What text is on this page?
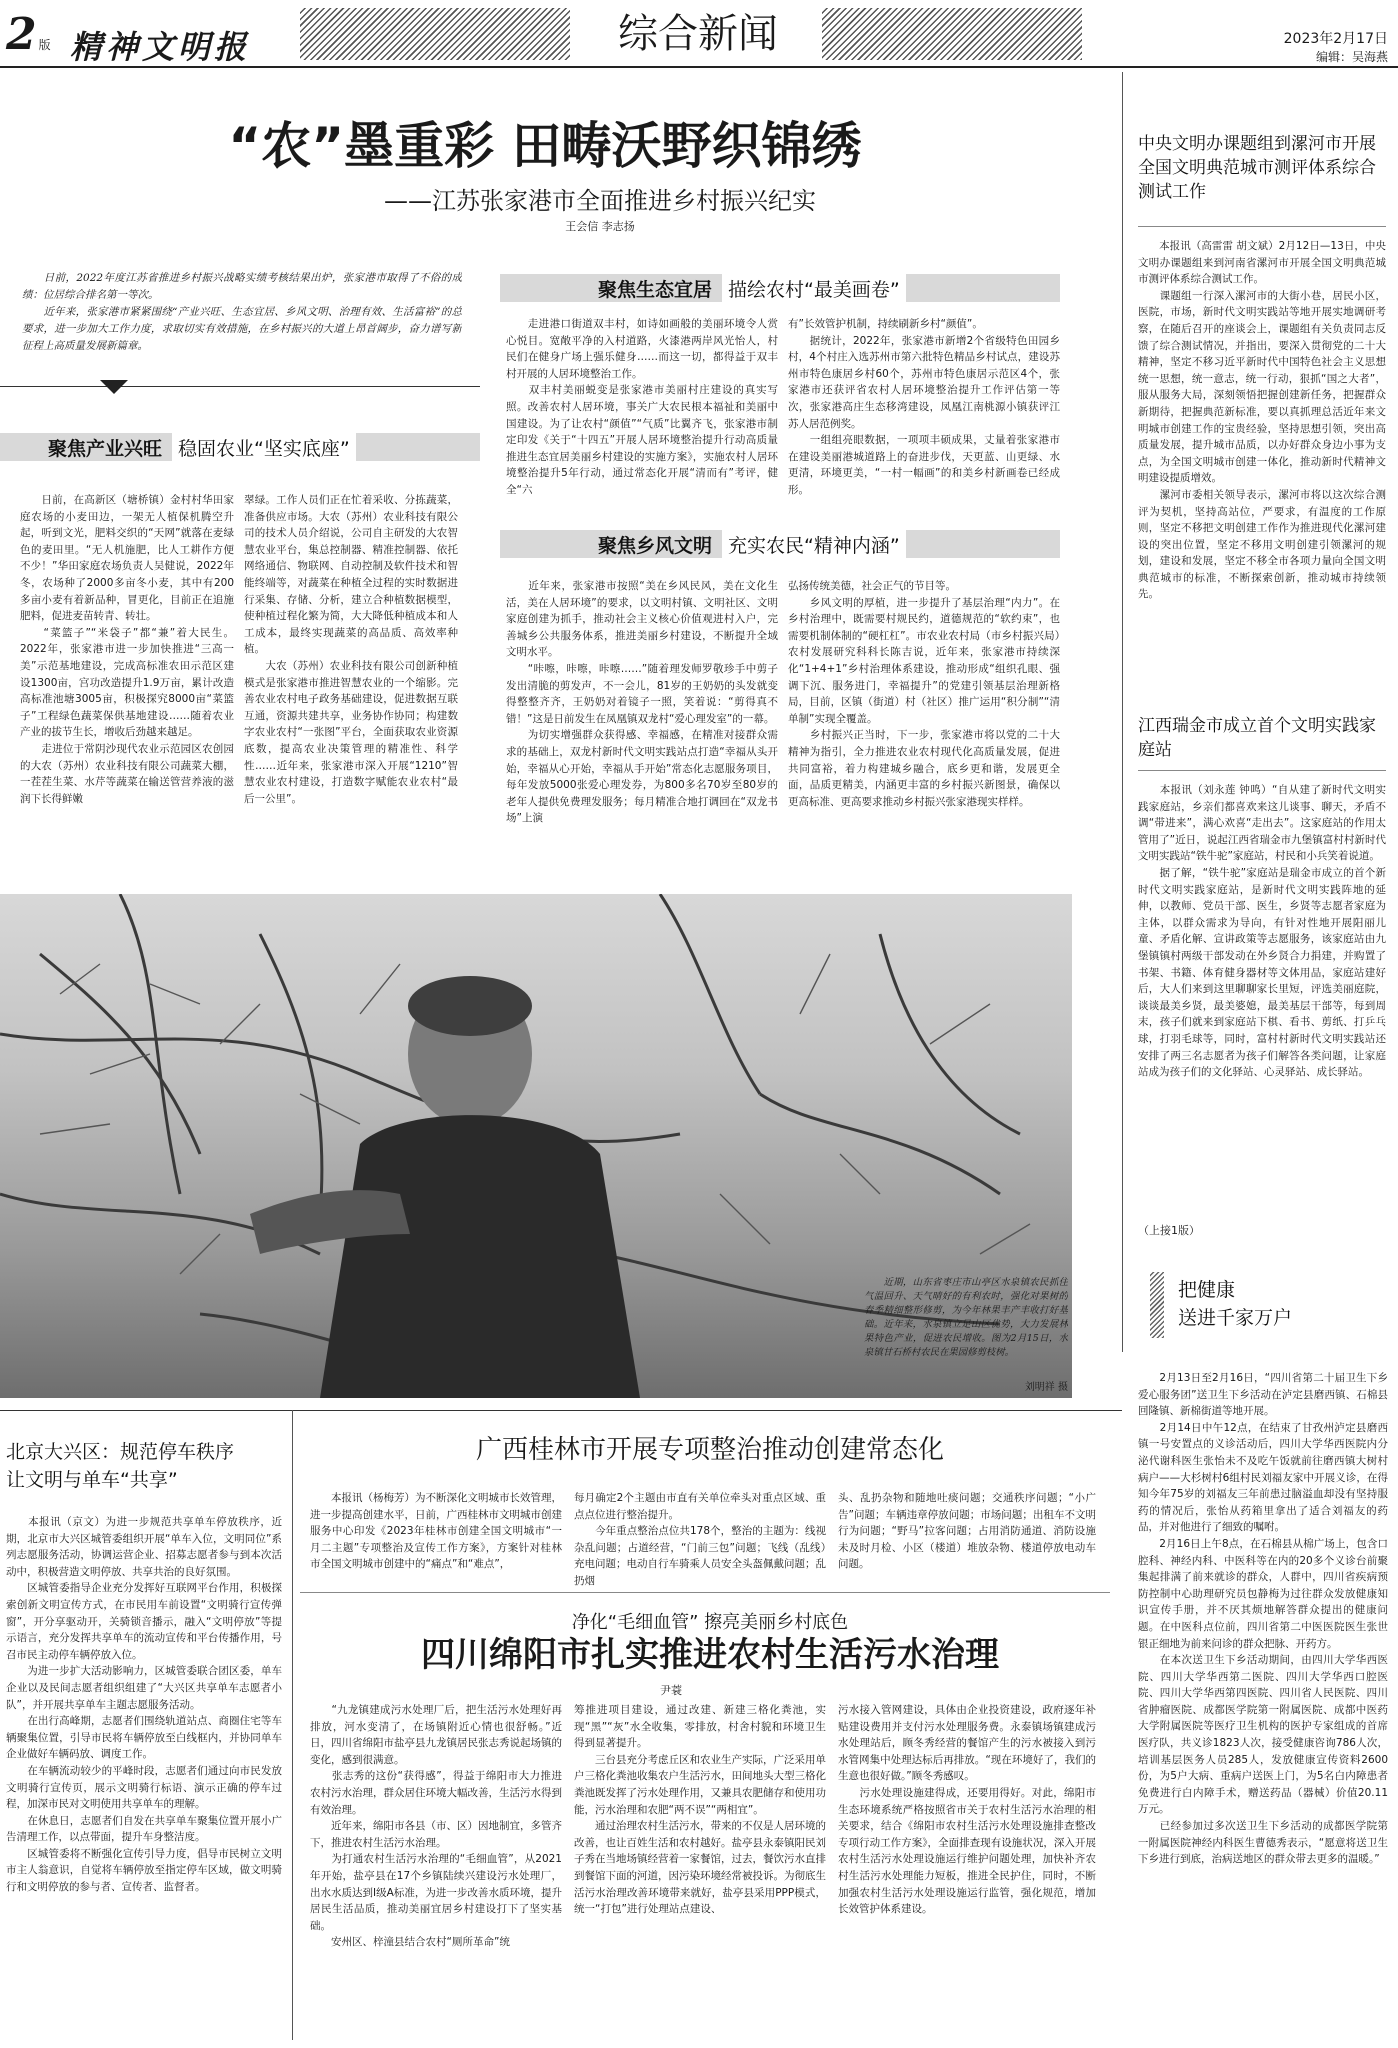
2 版 精神文明报	综合新闻	2023年2月17日
编辑：吴海燕
“农”墨重彩 田畴沃野织锦绣
——江苏张家港市全面推进乡村振兴纪实
王会信 李志扬
　　日前，2022年度江苏省推进乡村振兴战略实绩考核结果出炉，张家港市取得了不俗的成绩：位居综合排名第一等次。
　　近年来，张家港市紧紧围绕“产业兴旺、生态宜居、乡风文明、治理有效、生活富裕”的总要求，进一步加大工作力度，求取切实有效措施，在乡村振兴的大道上昂首阔步，奋力谱写新征程上高质量发展新篇章。
聚焦产业兴旺 稳固农业“坚实底座”
　　日前，在高新区（塘桥镇）金村村华田家庭农场的小麦田边，一架无人植保机腾空升起，听到文光，肥料交织的“天网”就落在麦绿色的麦田里。“无人机施肥，比人工耕作方便不少！”华田家庭农场负责人吴健说，2022年冬，农场种了2000多亩冬小麦，其中有200多亩小麦有着新品种，冒更化，目前正在追施肥料，促进麦苗转青、转壮。
　　“菜篮子”“米袋子”都“兼”着大民生。2022年，张家港市进一步加快推进“三高一美”示范基地建设，完成高标准农田示范区建设1300亩，宫功改造提升1.9万亩，累计改造高标准池塘3005亩，积极探究8000亩“菜篮子”工程绿色蔬菜保供基地建设……随着农业产业的拔节生长，增收后劲越来越足。
　　走进位于常阴沙现代农业示范园区农创园的大农（苏州）农业科技有限公司蔬菜大棚，一茬茬生菜、水芹等蔬菜在输送管营养液的滋润下长得鲜嫩
翠绿。工作人员们正在忙着采收、分拣蔬菜，准备供应市场。大农（苏州）农业科技有限公司的技术人员介绍说，公司自主研发的大农智慧农业平台，集总控制器、精准控制器、依托网络通信、物联网、自动控制及软件技术和智能终端等，对蔬菜在种植全过程的实时数据进行采集、存储、分析，建立合种植数据模型，使种植过程化繁为简，大大降低种植成本和人工成本，最终实现蔬菜的高品质、高效率种植。
　　大农（苏州）农业科技有限公司创新种植模式是张家港市推进智慧农业的一个缩影。完善农业农村电子政务基础建设，促进数据互联互通，资源共建共享，业务协作协同；构建数字农业农村“一张图”平台，全面获取农业资源底数，提高农业决策管理的精准性、科学性……近年来，张家港市深入开展“1210”智慧农业农村建设，打造数字赋能农业农村“最后一公里”。
聚焦生态宜居 描绘农村“最美画卷”
　　走进港口街道双丰村，如诗如画般的美丽环境令人赏心悦目。宽敞平净的入村道路，火漆港两岸风光怡人，村民们在健身广场上强乐健身……而这一切，都得益于双丰村开展的人居环境整治工作。
　　双丰村美丽蜕变是张家港市美丽村庄建设的真实写照。改善农村人居环境，事关广大农民根本福祉和美丽中国建设。为了让农村“颜值”“气质”比翼齐飞，张家港市制定印发《关于“十四五”开展人居环境整治提升行动高质量推进生态宜居美丽乡村建设的实施方案》，实施农村人居环境整治提升5年行动，通过常态化开展“清而有”考评，健全“六
有”长效管护机制，持续刷新乡村“颜值”。
　　据统计，2022年，张家港市新增2个省级特色田园乡村，4个村庄入选苏州市第六批特色精品乡村试点，建设苏州市特色康居乡村60个，苏州市特色康居示范区4个，张家港市还获评省农村人居环境整治提升工作评估第一等次，张家港高庄生态移湾建设，凤凰江南桃源小镇获评江苏人居范例奖。
　　一组组亮眼数据，一项项丰硕成果，丈量着张家港市在建设美丽港城道路上的奋进步伐，天更蓝、山更绿、水更清，环境更美，“一村一幅画”的和美乡村新画卷已经成形。
聚焦乡风文明 充实农民“精神内涵”
　　近年来，张家港市按照“美在乡风民风，美在文化生活，美在人居环境”的要求，以文明村镇、文明社区、文明家庭创建为抓手，推动社会主义核心价值观进村入户，完善城乡公共服务体系，推进美丽乡村建设，不断提升全域文明水平。
　　“咔嚓，咔嚓，咔嚓……”随着理发师罗敬珍手中剪子发出清脆的剪发声，不一会儿，81岁的王奶奶的头发就变得整整齐齐，王奶奶对着镜子一照，笑着说：“剪得真不错！”这是日前发生在凤凰镇双龙村“爱心理发室”的一幕。
　　为切实增强群众获得感、幸福感，在精准对接群众需求的基础上，双龙村新时代文明实践站点打造“幸福从头开始，幸福从心开始，幸福从手开始”常态化志愿服务项目，每年发放5000张爱心理发券，为800多名70岁至80岁的老年人提供免费理发服务；每月精准合地打调回在“双龙书场”上演
弘扬传统美德，社会正气的节目等。
　　乡风文明的厚植，进一步提升了基层治理“内力”。在乡村治理中，既需要村规民约，道德规范的“软约束”，也需要机制体制的“硬杠杠”。市农业农村局（市乡村振兴局）农村发展研究科科长陈吉说，近年来，张家港市持续深化“1+4+1”乡村治理体系建设，推动形成“组织孔眼、强调下沉、服务进门，幸福提升”的党建引领基层治理新格局，目前，区镇（街道）村（社区）推广运用“积分制”“清单制”实现全覆盖。
　　乡村振兴正当时，下一步，张家港市将以党的二十大精神为指引，全力推进农业农村现代化高质量发展，促进共同富裕，着力构建城乡融合，底乡更和谐，发展更全面，品质更精美，内涵更丰富的乡村振兴新图景，确保以更高标准、更高要求推动乡村振兴张家港现实样样。
　　近期，山东省枣庄市山亭区水泉镇农民抓住气温回升、天气晴好的有利农时，强化对果树的春季精细整形修剪，为今年林果丰产丰收打好基础。近年来，水泉镇立足山区优势，大力发展林果特色产业，促进农民增收。图为2月15日，水泉镇甘石桥村农民在果园修剪枝树。
刘明祥 摄
中央文明办课题组到漯河市开展全国文明典范城市测评体系综合测试工作
　　本报讯（高雷雷 胡文斌）2月12日—13日，中央文明办课题组来到河南省漯河市开展全国文明典范城市测评体系综合测试工作。
　　课题组一行深入漯河市的大街小巷，居民小区，医院，市场，新时代文明实践站等地开展实地调研考察，在随后召开的座谈会上，课题组有关负责同志反馈了综合测试情况，并指出，要深入贯彻党的二十大精神，坚定不移习近平新时代中国特色社会主义思想统一思想，统一意志，统一行动，狠抓“国之大者”，服从服务大局，深刻领悟把握创建新任务，把握群众新期待，把握典范新标准，要以真抓理总活近年来文明城市创建工作的宝贵经验，坚持思想引领，突出高质量发展，提升城市品质，以办好群众身边小事为支点，为全国文明城市创建一体化，推动新时代精神文明建设提质增效。
　　漯河市委相关领导表示，漯河市将以这次综合测评为契机，坚持高站位，严要求，有温度的工作原则，坚定不移把文明创建工作作为推进现代化漯河建设的突出位置，坚定不移用文明创建引领漯河的规划，建设和发展，坚定不移全市各项力量向全国文明典范城市的标准，不断探索创新，推动城市持续领先。
江西瑞金市成立首个文明实践家庭站
　　本报讯（刘永莲 钟鸣）“自从建了新时代文明实践家庭站，乡亲们都喜欢来这儿谈事、聊天，矛盾不调“带进来”，满心欢喜“走出去”。这家庭站的作用太管用了”近日，说起江西省瑞金市九堡镇富村村新时代文明实践站“铁牛驼”家庭站，村民和小兵笑着说道。
　　据了解，“铁牛驼”家庭站是瑞金市成立的首个新时代文明实践家庭站，是新时代文明实践阵地的延伸，以教师、党员干部、医生，乡贤等志愿者家庭为主体，以群众需求为导向，有针对性地开展阳丽儿童、矛盾化解、宣讲政策等志愿服务，该家庭站由九堡镇镇村两级干部发动在外乡贤合力捐建，并购置了书架、书籍、体育健身器材等文体用品，家庭站建好后，大人们来到这里聊聊家长里短，评选美丽庭院，谈谈最美乡贤，最美婆媳，最美基层干部等，每到周末，孩子们就来到家庭站下棋、看书、剪纸、打乒乓球，打羽毛球等，同时，富村村新时代文明实践站还安排了两三名志愿者为孩子们解答各类问题，让家庭站成为孩子们的文化驿站、心灵驿站、成长驿站。
（上接1版）
把健康
送进千家万户
　　2月13日至2月16日，“四川省第二十届卫生下乡爱心服务团”送卫生下乡活动在泸定县磨西镇、石棉县回隆镇、新棉街道等地开展。
　　2月14日中午12点，在结束了甘孜州泸定县磨西镇一号安置点的义诊活动后，四川大学华西医院内分泌代谢科医生张怡未不及吃午饭就前往磨西镇大树村病户——大杉树村6组村民刘福友家中开展义诊，在得知今年75岁的刘福友三年前患过脑溢血却没有坚持服药的情况后，张怡从药箱里拿出了适合刘福友的药品，并对他进行了细致的嘱咐。
　　2月16日上午8点，在石棉县从棉广场上，包含口腔科、神经内科、中医科等在内的20多个义诊台前聚集起排满了前来就诊的群众，人群中，四川省疾病预防控制中心助理研究员包静梅为过往群众发放健康知识宣传手册，并不厌其烦地解答群众提出的健康问题。在中医科点位前，四川省第二中医医院医生张世银正细地为前来问诊的群众把脉、开药方。
　　在本次送卫生下乡活动期间，由四川大学华西医院、四川大学华西第二医院、四川大学华西口腔医院、四川大学华西第四医院、四川省人民医院、四川省肿瘤医院、成都医学院第一附属医院、成都中医药大学附属医院等医疗卫生机构的医护专家组成的首席医疗队，共义诊1823人次，接受健康咨询786人次，培训基层医务人员285人，发放健康宣传资料2600份，为5户大病、重病户送医上门，为5名白内障患者免费进行白内障手术，赠送药品（器械）价值20.11万元。
　　已经参加过多次送卫生下乡活动的成都医学院第一附属医院神经内科医生曹德秀表示，“愿意将送卫生下乡进行到底，治病送地区的群众带去更多的温暖。”
北京大兴区：规范停车秩序
让文明与单车“共享”
　　本报讯（京文）为进一步规范共享单车停放秩序，近期，北京市大兴区城管委组织开展“单车入位，文明同位”系列志愿服务活动，协调运营企业、招募志愿者参与到本次活动中，积极营造文明停放、共享共治的良好氛围。
　　区城管委指导企业充分发挥好互联网平台作用，积极探索创新文明宣传方式，在市民用车前设置“文明骑行宣传弹窗”，开分享驱动开，关骑锁音播示，融入“文明停放”等提示语言，充分发挥共享单车的流动宣传和平台传播作用，号召市民主动停车辆停放入位。
　　为进一步扩大活动影响力，区城管委联合团区委，单车企业以及民间志愿者组织组建了“大兴区共享单车志愿者小队”，并开展共享单车主题志愿服务活动。
　　在出行高峰期，志愿者们围绕轨道站点、商圈住宅等车辆聚集位置，引导市民将车辆停放至白线框内，并协同单车企业做好车辆码放、调度工作。
　　在车辆流动较少的平峰时段，志愿者们通过向市民发放文明骑行宣传页，展示文明骑行标语、演示正确的停车过程，加深市民对文明使用共享单车的理解。
　　在休息日，志愿者们自发在共享单车聚集位置开展小广告清理工作，以点带面，提升车身整洁度。
　　区城管委将不断强化宣传引导力度，倡导市民树立文明市主人翁意识，自觉将车辆停放至指定停车区域，做文明骑行和文明停放的参与者、宣传者、监督者。
广西桂林市开展专项整治推动创建常态化
　　本报讯（杨梅芳）为不断深化文明城市长效管理，进一步提高创建水平，日前，广西桂林市文明城市创建服务中心印发《2023年桂林市创建全国文明城市“一月二主题”专项整治及宣传工作方案》，方案针对桂林市全国文明城市创建中的“痛点”和“难点”，
每月确定2个主题由市直有关单位牵头对重点区域、重点点位进行整治提升。
　　今年重点整治点位共178个，整治的主题为：线视杂乱问题；占道经营，“门前三包”问题；飞线（乱线）充电问题；电动自行车骑乘人员安全头盔佩戴问题；乱扔烟
头、乱扔杂物和随地吐痰问题；交通秩序问题；“小广告”问题；车辆违章停放问题；市场问题；出租车不文明行为问题；“野马”拉客问题；占用消防通道、消防设施未及时月检、小区（楼道）堆放杂物、楼道停放电动车问题。
净化“毛细血管” 擦亮美丽乡村底色
四川绵阳市扎实推进农村生活污水治理
尹蓑
　　“九龙镇建成污水处理厂后，把生活污水处理好再排放，河水变清了，在场镇附近心情也很舒畅。”近日，四川省绵阳市盐亭县九龙镇居民张志秀说起场镇的变化，感到很满意。
　　张志秀的这份“获得感”，得益于绵阳市大力推进农村污水治理，群众居住环境大幅改善，生活污水得到有效治理。
　　近年来，绵阳市各县（市、区）因地制宜，多管齐下，推进农村生活污水治理。
　　为打通农村生活污水治理的“毛细血管”，从2021年开始，盐亭县在17个乡镇陆续兴建设污水处理厂，出水水质达到I级A标准，为进一步改善水质环境，提升居民生活品质，推动美丽宜居乡村建设打下了坚实基础。
　　安州区、梓潼县结合农村“厕所革命”统
筹推进项目建设，通过改建、新建三格化粪池，实现“黑”“灰”水全收集，零排放，村舍村貌和环境卫生得到显著提升。
　　三台县充分考虑丘区和农业生产实际，广泛采用单户三格化粪池收集农户生活污水，田间地头大型三格化粪池既发挥了污水处理作用，又兼具农肥储存和使用功能，污水治理和农肥“两不误”“两相宜”。
　　通过治理农村生活污水，带来的不仅是人居环境的改善，也让百姓生活和农村越好。盐亭县永泰镇阳民刘子秀在当地场镇经营着一家餐馆，过去，餐饮污水直排到餐馆下面的河道，因污染环境经常被投诉。为彻底生活污水治理改善环境带来就好，盐亭县采用PPP模式，统一“打包”进行处理站点建设、
污水接入管网建设，具体由企业投资建设，政府逐年补贴建设费用并支付污水处理服务费。永泰镇场镇建成污水处理站后，顾冬秀经营的餐馆产生的污水被接入到污水管网集中处理达标后再排放。“现在环境好了，我们的生意也很好做。”顾冬秀感叹。
　　污水处理设施建得成，还要用得好。对此，绵阳市生态环境系统严格按照省市关于农村生活污水治理的相关要求，结合《绵阳市农村生活污水处理设施排查整改专项行动工作方案》，全面排查现有设施状况，深入开展农村生活污水处理设施运行维护问题处理，加快补齐农村生活污水处理能力短板，推进全民护住，同时，不断加强农村生活污水处理设施运行监管，强化规范，增加长效管护体系建设。
